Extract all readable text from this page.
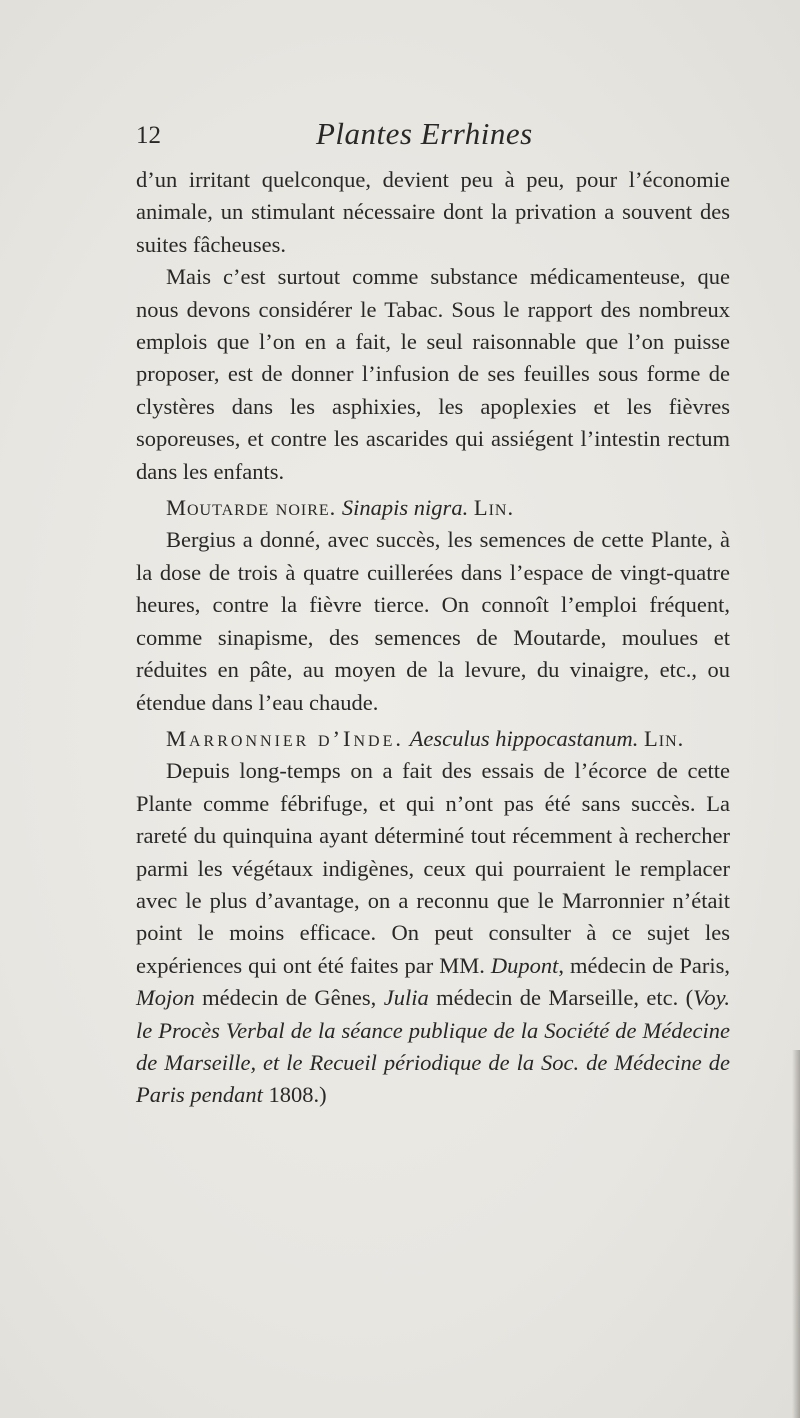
12	Plantes Errhines

d’un irritant quelconque, devient peu à peu, pour l’économie animale, un stimulant nécessaire dont la privation a souvent des suites fâcheuses.

Mais c’est surtout comme substance médicamenteuse, que nous devons considérer le Tabac. Sous le rapport des nombreux emplois que l’on en a fait, le seul raisonnable que l’on puisse proposer, est de donner l’infusion de ses feuilles sous forme de clystères dans les asphixies, les apoplexies et les fièvres soporeuses, et contre les ascarides qui assiégent l’intestin rectum dans les enfants.

Moutarde noire. Sinapis nigra. Lin.

Bergius a donné, avec succès, les semences de cette Plante, à la dose de trois à quatre cuillerées dans l’espace de vingt-quatre heures, contre la fièvre tierce. On connoît l’emploi fréquent, comme sinapisme, des semences de Moutarde, moulues et réduites en pâte, au moyen de la levure, du vinaigre, etc., ou étendue dans l’eau chaude.

Marronnier d’Inde. Aesculus hippocastanum. Lin.

Depuis long-temps on a fait des essais de l’écorce de cette Plante comme fébrifuge, et qui n’ont pas été sans succès. La rareté du quinquina ayant déterminé tout récemment à rechercher parmi les végétaux indigènes, ceux qui pourraient le remplacer avec le plus d’avantage, on a reconnu que le Marronnier n’était point le moins efficace. On peut consulter à ce sujet les expériences qui ont été faites par MM. Dupont, médecin de Paris, Mojon médecin de Gênes, Julia médecin de Marseille, etc. (Voy. le Procès Verbal de la séance publique de la Société de Médecine de Marseille, et le Recueil périodique de la Soc. de Médecine de Paris pendant 1808.)
